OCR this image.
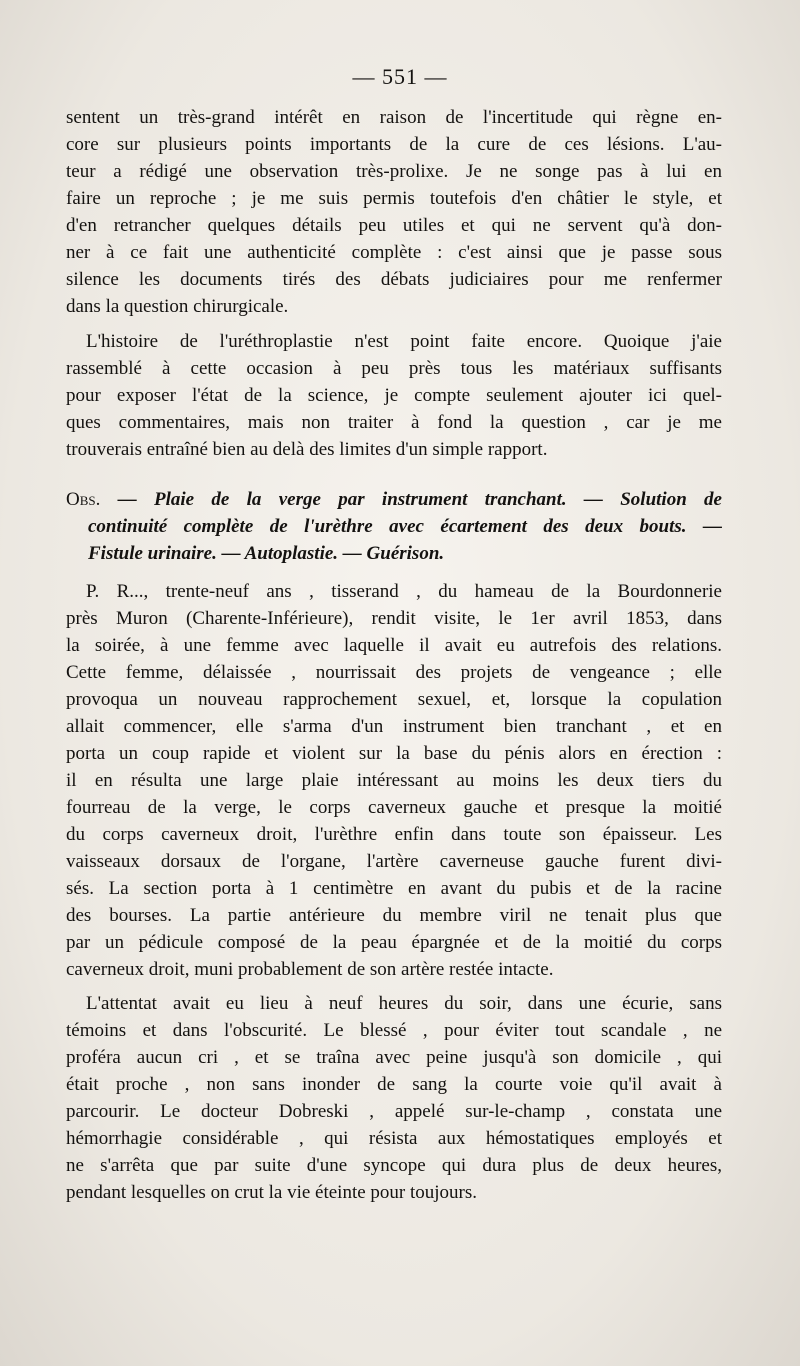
— 551 —
sentent un très-grand intérêt en raison de l'incertitude qui règne en-
core sur plusieurs points importants de la cure de ces lésions. L'au-
teur a rédigé une observation très-prolixe. Je ne songe pas à lui en
faire un reproche ; je me suis permis toutefois d'en châtier le style, et
d'en retrancher quelques détails peu utiles et qui ne servent qu'à don-
ner à ce fait une authenticité complète : c'est ainsi que je passe sous
silence les documents tirés des débats judiciaires pour me renfermer
dans la question chirurgicale.
L'histoire de l'uréthroplastie n'est point faite encore. Quoique j'aie
rassemblé à cette occasion à peu près tous les matériaux suffisants
pour exposer l'état de la science, je compte seulement ajouter ici quel-
ques commentaires, mais non traiter à fond la question , car je me
trouverais entraîné bien au delà des limites d'un simple rapport.
Obs. — Plaie de la verge par instrument tranchant. — Solution de
continuité complète de l'urèthre avec écartement des deux bouts. —
Fistule urinaire. — Autoplastie. — Guérison.
P. R..., trente-neuf ans , tisserand , du hameau de la Bourdonnerie
près Muron (Charente-Inférieure), rendit visite, le 1er avril 1853, dans
la soirée, à une femme avec laquelle il avait eu autrefois des relations.
Cette femme, délaissée , nourrissait des projets de vengeance ; elle
provoqua un nouveau rapprochement sexuel, et, lorsque la copulation
allait commencer, elle s'arma d'un instrument bien tranchant , et en
porta un coup rapide et violent sur la base du pénis alors en érection :
il en résulta une large plaie intéressant au moins les deux tiers du
fourreau de la verge, le corps caverneux gauche et presque la moitié
du corps caverneux droit, l'urèthre enfin dans toute son épaisseur. Les
vaisseaux dorsaux de l'organe, l'artère caverneuse gauche furent divi-
sés. La section porta à 1 centimètre en avant du pubis et de la racine
des bourses. La partie antérieure du membre viril ne tenait plus que
par un pédicule composé de la peau épargnée et de la moitié du corps
caverneux droit, muni probablement de son artère restée intacte.
L'attentat avait eu lieu à neuf heures du soir, dans une écurie, sans
témoins et dans l'obscurité. Le blessé , pour éviter tout scandale , ne
proféra aucun cri , et se traîna avec peine jusqu'à son domicile , qui
était proche , non sans inonder de sang la courte voie qu'il avait à
parcourir. Le docteur Dobreski , appelé sur-le-champ , constata une
hémorrhagie considérable , qui résista aux hémostatiques employés et
ne s'arrêta que par suite d'une syncope qui dura plus de deux heures,
pendant lesquelles on crut la vie éteinte pour toujours.
